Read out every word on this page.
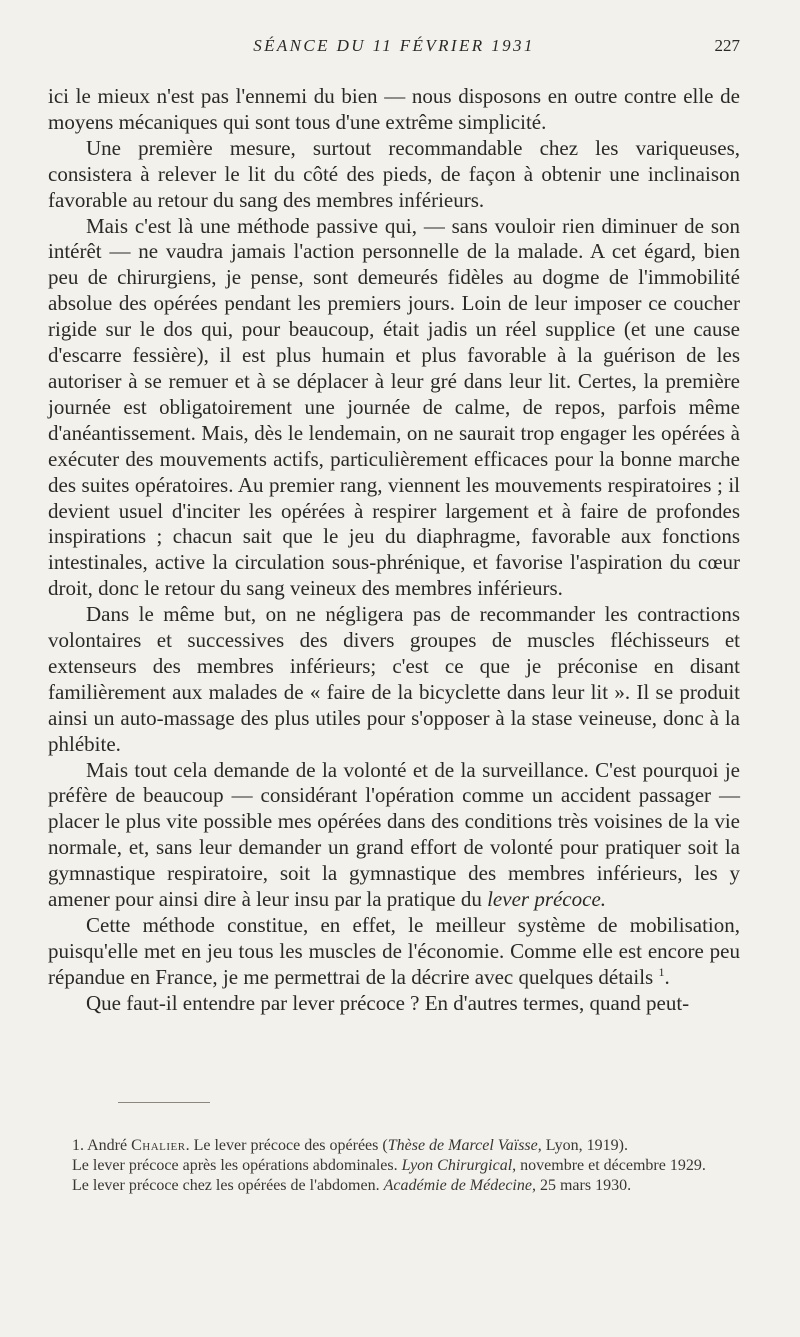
SÉANCE DU 11 FÉVRIER 1931	227

ici le mieux n'est pas l'ennemi du bien — nous disposons en outre contre elle de moyens mécaniques qui sont tous d'une extrême simplicité.

Une première mesure, surtout recommandable chez les variqueuses, consistera à relever le lit du côté des pieds, de façon à obtenir une inclinaison favorable au retour du sang des membres inférieurs.

Mais c'est là une méthode passive qui, — sans vouloir rien diminuer de son intérêt — ne vaudra jamais l'action personnelle de la malade. A cet égard, bien peu de chirurgiens, je pense, sont demeurés fidèles au dogme de l'immobilité absolue des opérées pendant les premiers jours. Loin de leur imposer ce coucher rigide sur le dos qui, pour beaucoup, était jadis un réel supplice (et une cause d'escarre fessière), il est plus humain et plus favorable à la guérison de les autoriser à se remuer et à se déplacer à leur gré dans leur lit. Certes, la première journée est obligatoirement une journée de calme, de repos, parfois même d'anéantissement. Mais, dès le lendemain, on ne saurait trop engager les opérées à exécuter des mouvements actifs, particulièrement efficaces pour la bonne marche des suites opératoires. Au premier rang, viennent les mouvements respiratoires ; il devient usuel d'inciter les opérées à respirer largement et à faire de profondes inspirations ; chacun sait que le jeu du diaphragme, favorable aux fonctions intestinales, active la circulation sous-phrénique, et favorise l'aspiration du cœur droit, donc le retour du sang veineux des membres inférieurs.

Dans le même but, on ne négligera pas de recommander les contractions volontaires et successives des divers groupes de muscles fléchisseurs et extenseurs des membres inférieurs; c'est ce que je préconise en disant familièrement aux malades de « faire de la bicyclette dans leur lit ». Il se produit ainsi un auto-massage des plus utiles pour s'opposer à la stase veineuse, donc à la phlébite.

Mais tout cela demande de la volonté et de la surveillance. C'est pourquoi je préfère de beaucoup — considérant l'opération comme un accident passager — placer le plus vite possible mes opérées dans des conditions très voisines de la vie normale, et, sans leur demander un grand effort de volonté pour pratiquer soit la gymnastique respiratoire, soit la gymnastique des membres inférieurs, les y amener pour ainsi dire à leur insu par la pratique du lever précoce.

Cette méthode constitue, en effet, le meilleur système de mobilisation, puisqu'elle met en jeu tous les muscles de l'économie. Comme elle est encore peu répandue en France, je me permettrai de la décrire avec quelques détails $^1$.

Que faut-il entendre par lever précoce ? En d'autres termes, quand peut-

1. André Chalier. Le lever précoce des opérées (Thèse de Marcel Vaïsse, Lyon, 1919).

Le lever précoce après les opérations abdominales. Lyon Chirurgical, novembre et décembre 1929.

Le lever précoce chez les opérées de l'abdomen. Académie de Médecine, 25 mars 1930.
